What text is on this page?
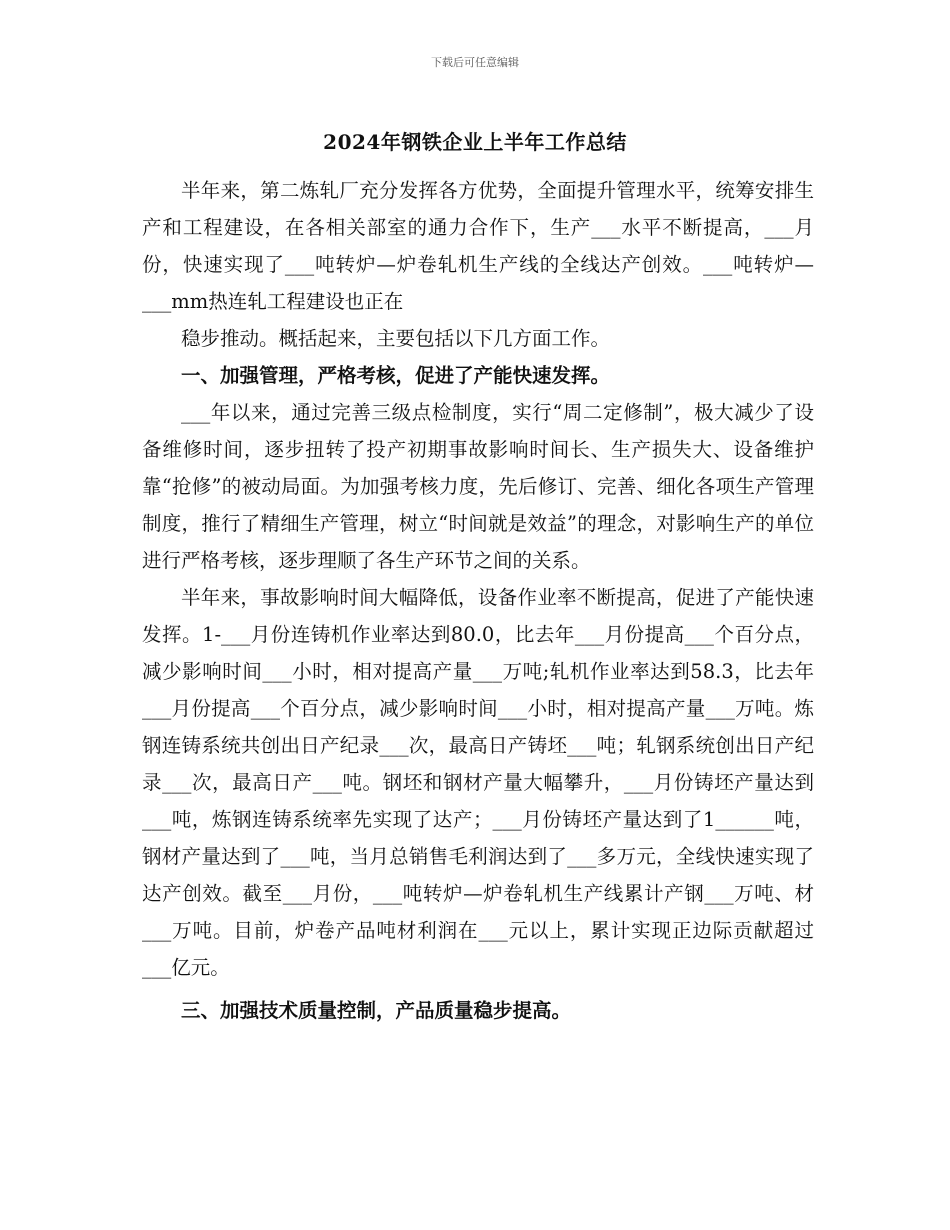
下载后可任意编辑
2024年钢铁企业上半年工作总结

半年来，第二炼轧厂充分发挥各方优势，全面提升管理水平，统筹安排生产和工程建设，在各相关部室的通力合作下，生产___水平不断提高，___月份，快速实现了___吨转炉—炉卷轧机生产线的全线达产创效。___吨转炉—___mm热连轧工程建设也正在

稳步推动。概括起来，主要包括以下几方面工作。

一、加强管理，严格考核，促进了产能快速发挥。

___年以来，通过完善三级点检制度，实行“周二定修制”，极大减少了设备维修时间，逐步扭转了投产初期事故影响时间长、生产损失大、设备维护靠“抢修”的被动局面。为加强考核力度，先后修订、完善、细化各项生产管理制度，推行了精细生产管理，树立“时间就是效益”的理念，对影响生产的单位进行严格考核，逐步理顺了各生产环节之间的关系。

半年来，事故影响时间大幅降低，设备作业率不断提高，促进了产能快速发挥。1-___月份连铸机作业率达到80.0，比去年___月份提高___个百分点，减少影响时间___小时，相对提高产量___万吨;轧机作业率达到58.3，比去年___月份提高___个百分点，减少影响时间___小时，相对提高产量___万吨。炼钢连铸系统共创出日产纪录___次，最高日产铸坯___吨；轧钢系统创出日产纪录___次，最高日产___吨。钢坯和钢材产量大幅攀升，___月份铸坯产量达到___吨，炼钢连铸系统率先实现了达产；___月份铸坯产量达到了1______吨，钢材产量达到了___吨，当月总销售毛利润达到了___多万元，全线快速实现了达产创效。截至___月份，___吨转炉—炉卷轧机生产线累计产钢___万吨、材___万吨。目前，炉卷产品吨材利润在___元以上，累计实现正边际贡献超过___亿元。

三、加强技术质量控制，产品质量稳步提高。
